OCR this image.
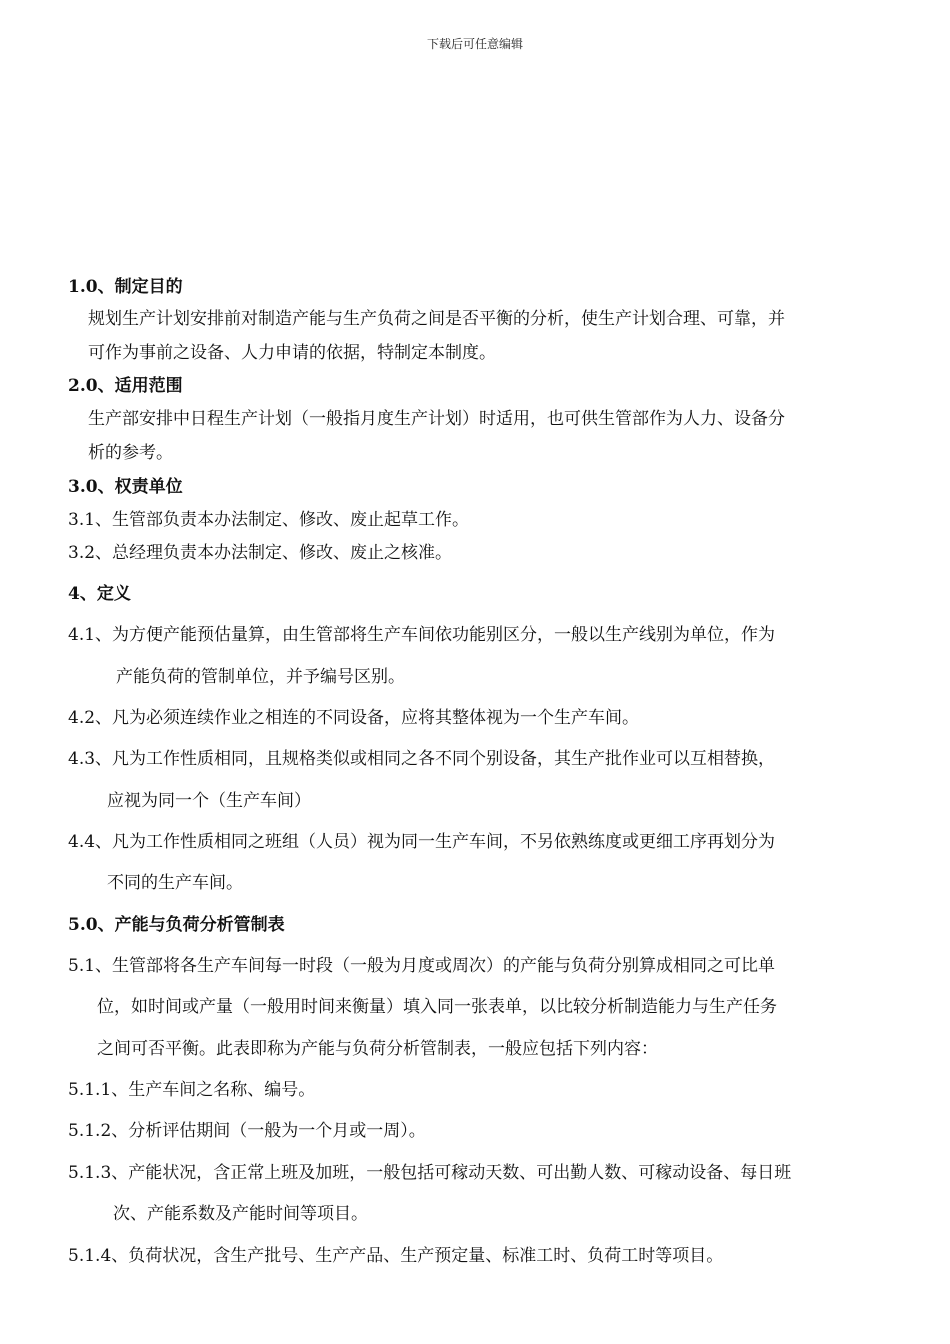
下载后可任意编辑
1.0、制定目的
规划生产计划安排前对制造产能与生产负荷之间是否平衡的分析，使生产计划合理、可靠，并
可作为事前之设备、人力申请的依据，特制定本制度。
2.0、适用范围
生产部安排中日程生产计划（一般指月度生产计划）时适用，也可供生管部作为人力、设备分
析的参考。
3.0、权责单位
3.1、生管部负责本办法制定、修改、废止起草工作。
3.2、总经理负责本办法制定、修改、废止之核准。
4、定义
4.1、为方便产能预估量算，由生管部将生产车间依功能别区分，一般以生产线别为单位，作为
产能负荷的管制单位，并予编号区别。
4.2、凡为必须连续作业之相连的不同设备，应将其整体视为一个生产车间。
4.3、凡为工作性质相同，且规格类似或相同之各不同个别设备，其生产批作业可以互相替换，
应视为同一个（生产车间）
4.4、凡为工作性质相同之班组（人员）视为同一生产车间，不另依熟练度或更细工序再划分为
不同的生产车间。
5.0、产能与负荷分析管制表
5.1、生管部将各生产车间每一时段（一般为月度或周次）的产能与负荷分别算成相同之可比单
位，如时间或产量（一般用时间来衡量）填入同一张表单，以比较分析制造能力与生产任务
之间可否平衡。此表即称为产能与负荷分析管制表，一般应包括下列内容：
5.1.1、生产车间之名称、编号。
5.1.2、分析评估期间（一般为一个月或一周）。
5.1.3、产能状况，含正常上班及加班，一般包括可稼动天数、可出勤人数、可稼动设备、每日班
次、产能系数及产能时间等项目。
5.1.4、负荷状况，含生产批号、生产产品、生产预定量、标准工时、负荷工时等项目。
